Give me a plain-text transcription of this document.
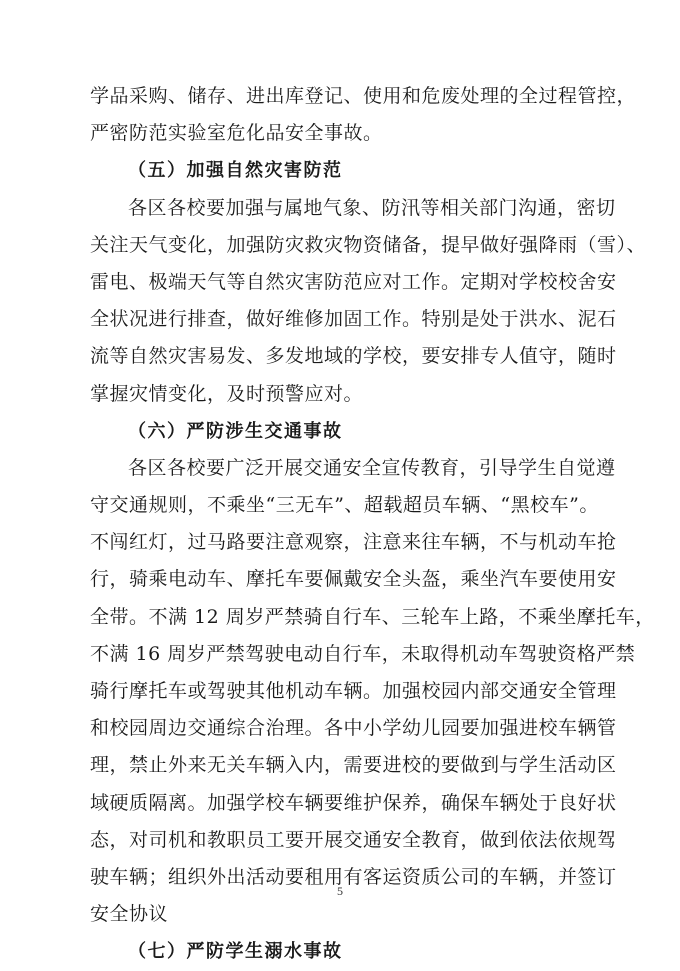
学品采购、储存、进出库登记、使用和危废处理的全过程管控，
严密防范实验室危化品安全事故。
（五）加强自然灾害防范
各区各校要加强与属地气象、防汛等相关部门沟通，密切
关注天气变化，加强防灾救灾物资储备，提早做好强降雨（雪）、
雷电、极端天气等自然灾害防范应对工作。定期对学校校舍安
全状况进行排查，做好维修加固工作。特别是处于洪水、泥石
流等自然灾害易发、多发地域的学校，要安排专人值守，随时
掌握灾情变化，及时预警应对。
（六）严防涉生交通事故
各区各校要广泛开展交通安全宣传教育，引导学生自觉遵
守交通规则，不乘坐“三无车”、超载超员车辆、“黑校车”。
不闯红灯，过马路要注意观察，注意来往车辆，不与机动车抢
行，骑乘电动车、摩托车要佩戴安全头盔，乘坐汽车要使用安
全带。不满 12 周岁严禁骑自行车、三轮车上路，不乘坐摩托车，
不满 16 周岁严禁驾驶电动自行车，未取得机动车驾驶资格严禁
骑行摩托车或驾驶其他机动车辆。加强校园内部交通安全管理
和校园周边交通综合治理。各中小学幼儿园要加强进校车辆管
理，禁止外来无关车辆入内，需要进校的要做到与学生活动区
域硬质隔离。加强学校车辆要维护保养，确保车辆处于良好状
态，对司机和教职员工要开展交通安全教育，做到依法依规驾
驶车辆；组织外出活动要租用有客运资质公司的车辆，并签订
安全协议
（七）严防学生溺水事故
5
